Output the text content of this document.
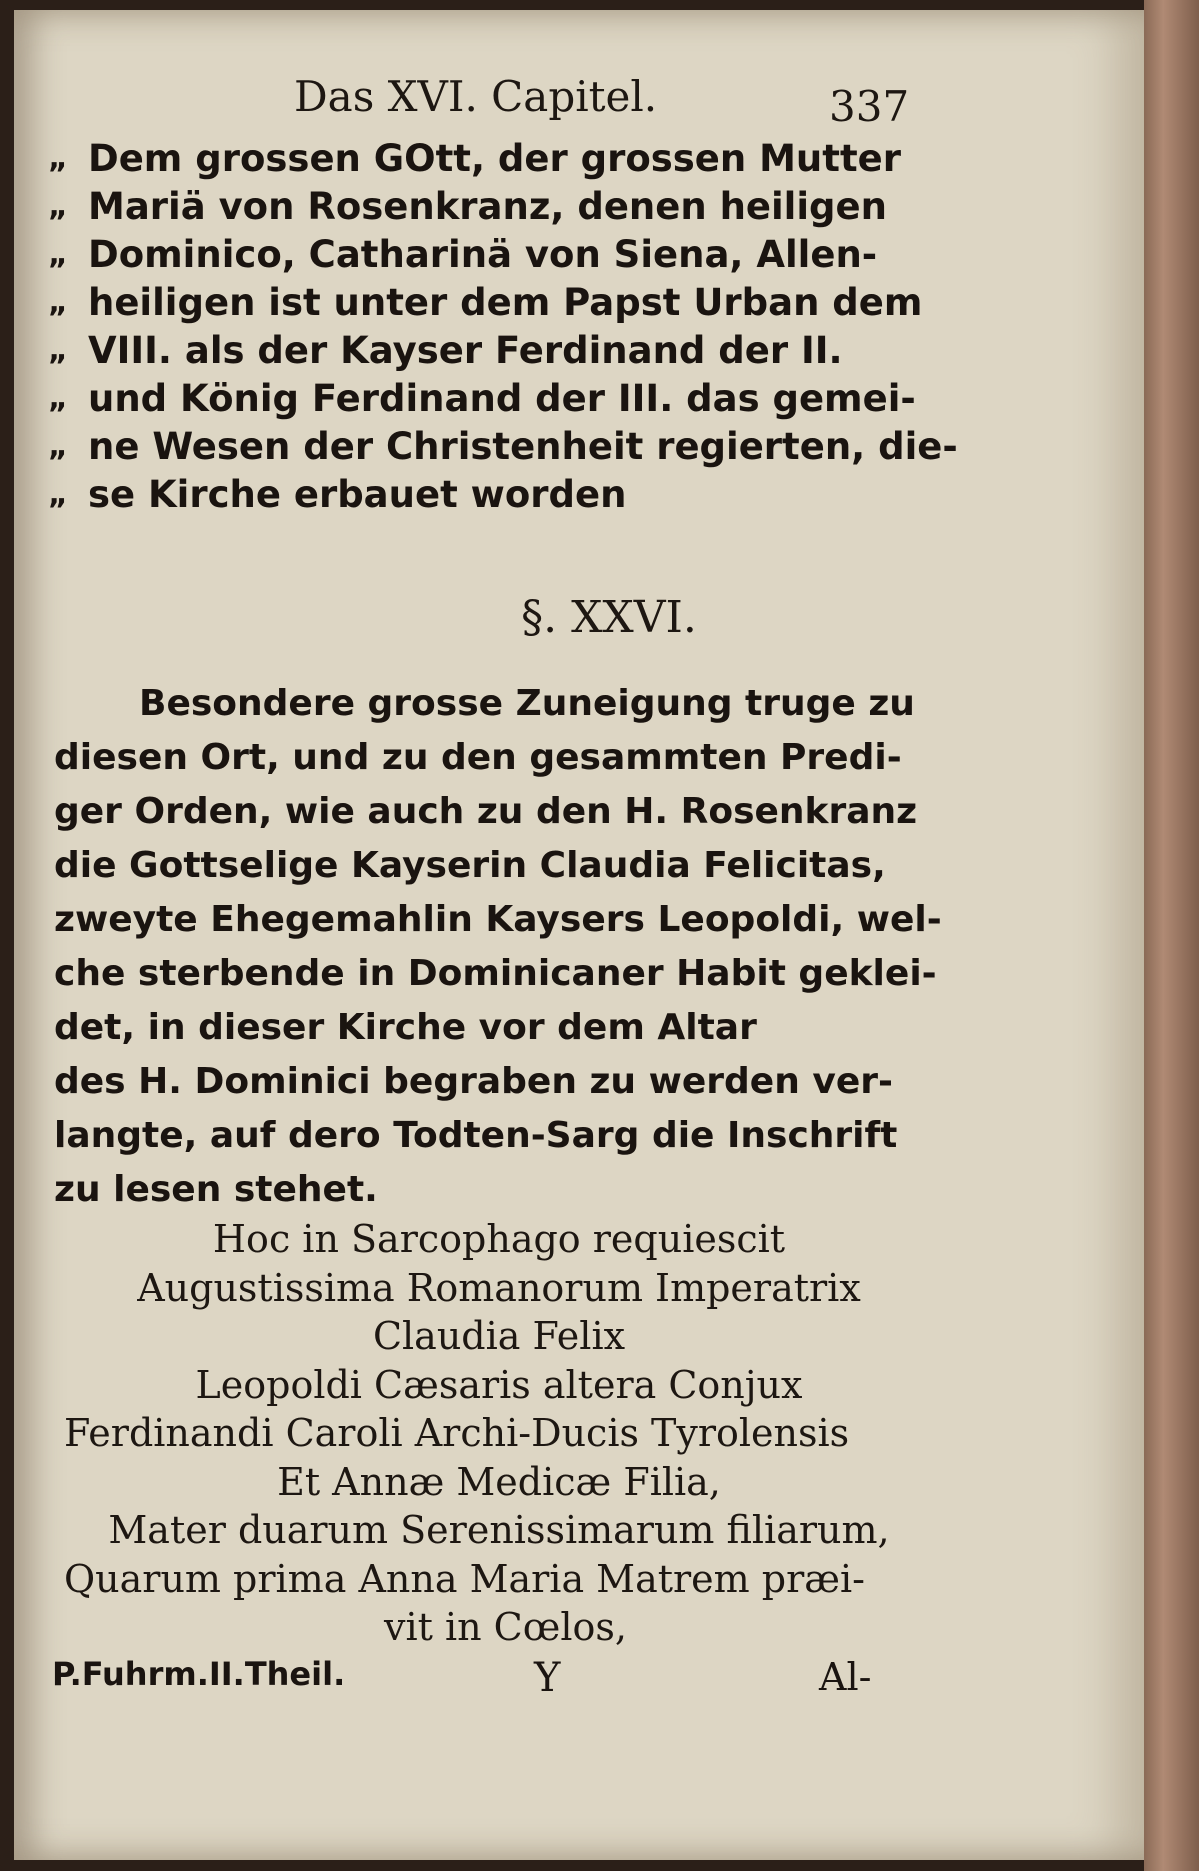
Das XVI. Capitel.	337
„ Dem grossen GOtt, der grossen Mutter
„ Mariä von Rosenkranz, denen heiligen
„ Dominico, Catharinä von Siena, Allen-
„ heiligen ist unter dem Papst Urban dem
„ VIII. als der Kayser Ferdinand der II.
„ und König Ferdinand der III. das gemei-
„ ne Wesen der Christenheit regierten, die-
„ se Kirche erbauet worden
§. XXVI.
Besondere grosse Zuneigung truge zu
diesen Ort, und zu den gesammten Predi-
ger Orden, wie auch zu den H. Rosenkranz
die Gottselige Kayserin Claudia Felicitas,
zweyte Ehegemahlin Kaysers Leopoldi, wel-
che sterbende in Dominicaner Habit geklei-
det, in dieser Kirche vor dem Altar
des H. Dominici begraben zu werden ver-
langte, auf dero Todten-Sarg die Inschrift
zu lesen stehet.
Hoc in Sarcophago requiescit
Augustissima Romanorum Imperatrix
Claudia Felix
Leopoldi Cæsaris altera Conjux
Ferdinandi Caroli Archi-Ducis Tyrolensis
Et Annæ Medicæ Filia,
Mater duarum Serenissimarum filiarum,
Quarum prima Anna Maria Matrem præi-
vit in Cœlos,
P.Fuhrm.II.Theil.	Y	Al-
